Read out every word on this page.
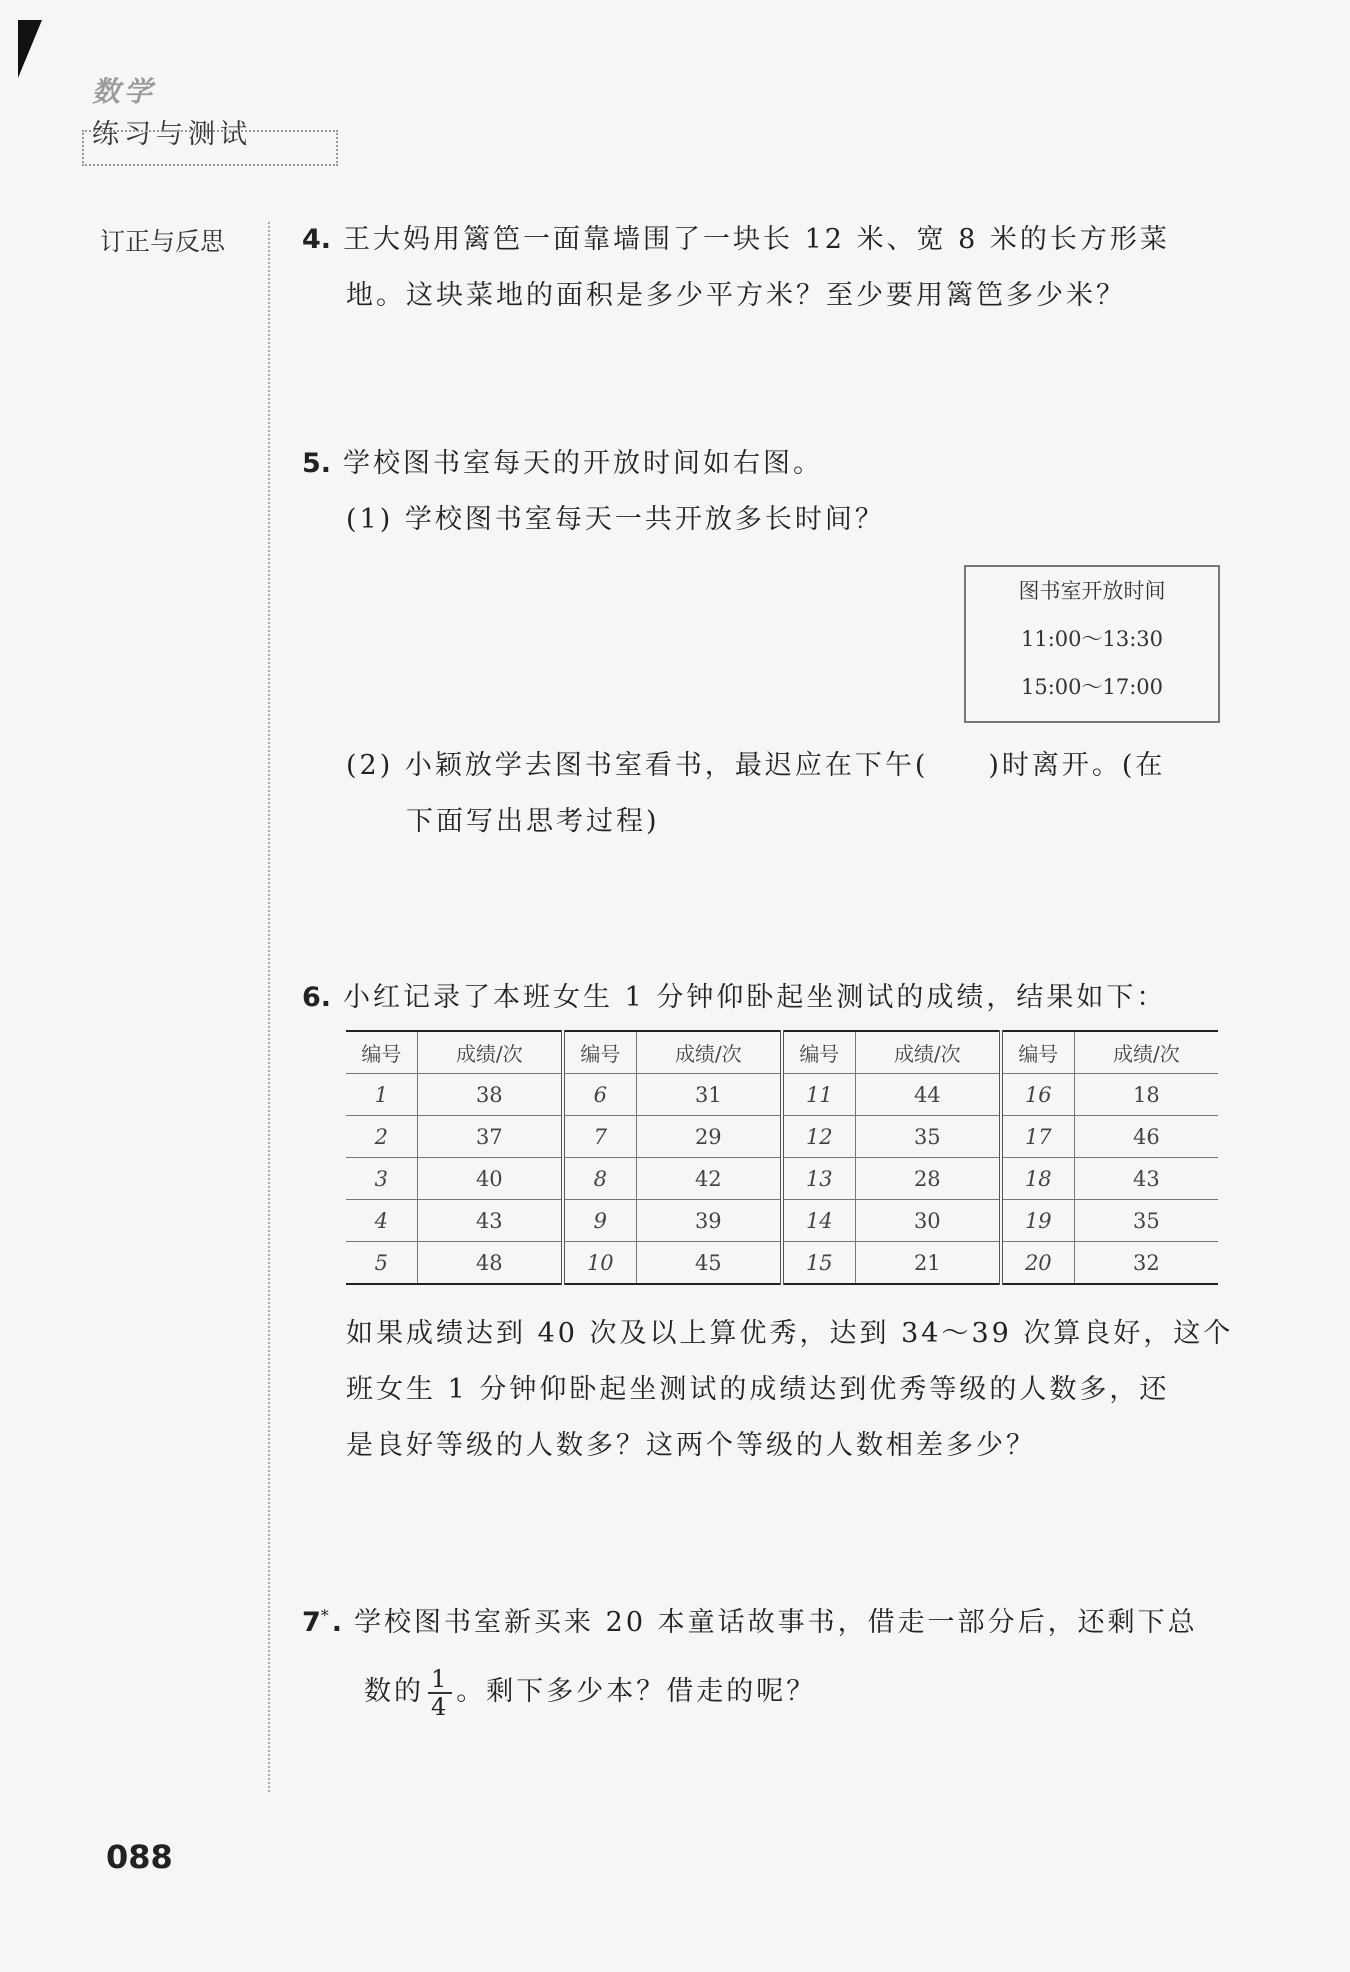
数学
练习与测试
订正与反思	4. 王大妈用篱笆一面靠墙围了一块长 12 米、宽 8 米的长方形菜
地。这块菜地的面积是多少平方米？至少要用篱笆多少米？
5. 学校图书室每天的开放时间如右图。
(1) 学校图书室每天一共开放多长时间？
图书室开放时间
11:00～13:30
15:00～17:00
(2) 小颖放学去图书室看书，最迟应在下午(　　)时离开。(在
下面写出思考过程)
6. 小红记录了本班女生 1 分钟仰卧起坐测试的成绩，结果如下：
编号	成绩/次	编号	成绩/次	编号	成绩/次	编号	成绩/次
1	38	6	31	11	44	16	18
2	37	7	29	12	35	17	46
3	40	8	42	13	28	18	43
4	43	9	39	14	30	19	35
5	48	10	45	15	21	20	32
如果成绩达到 40 次及以上算优秀，达到 34～39 次算良好，这个
班女生 1 分钟仰卧起坐测试的成绩达到优秀等级的人数多，还
是良好等级的人数多？这两个等级的人数相差多少？
7*. 学校图书室新买来 20 本童话故事书，借走一部分后，还剩下总
数的 $\frac{1}{4}$ 。剩下多少本？借走的呢？
088
